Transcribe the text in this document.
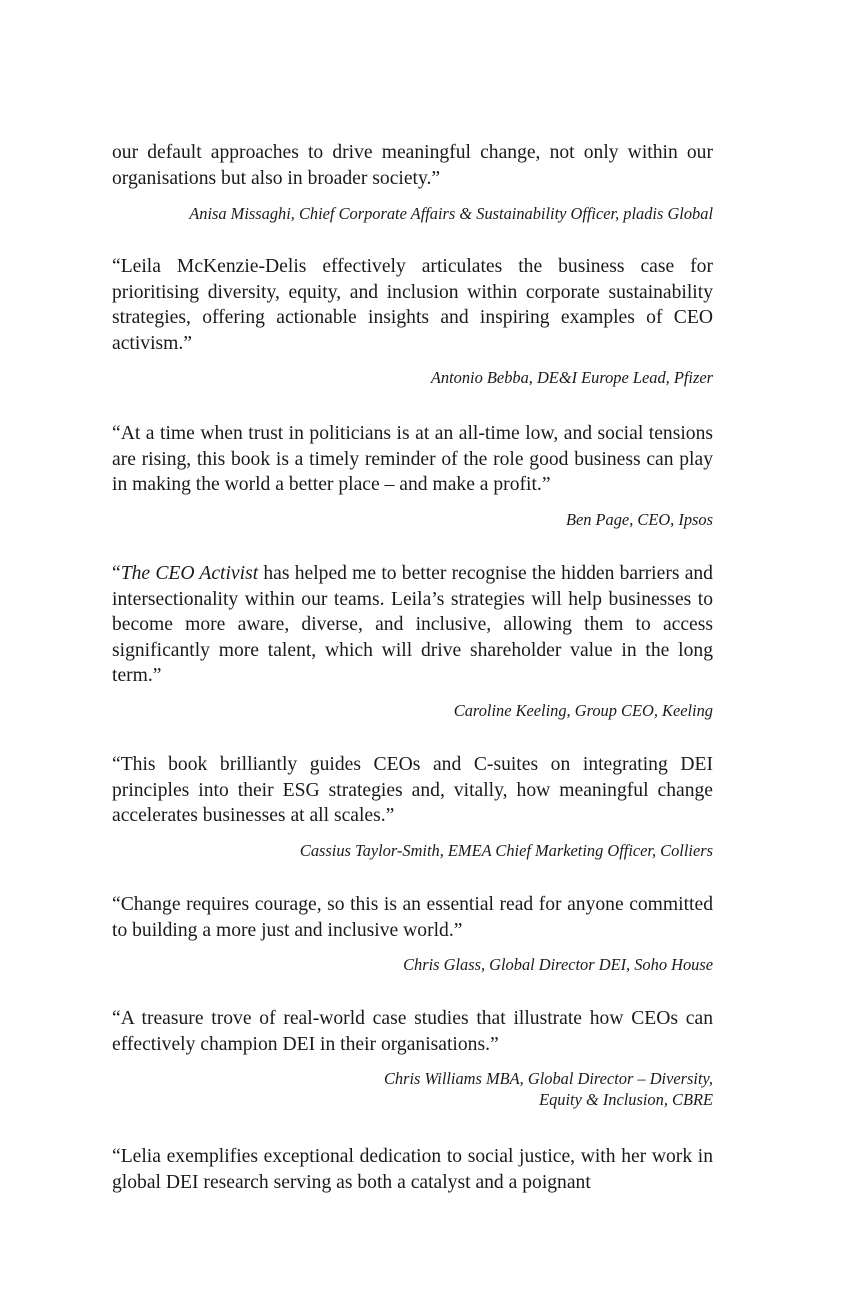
our default approaches to drive meaningful change, not only within our organisations but also in broader society.”

Anisa Missaghi, Chief Corporate Affairs & Sustainability Officer, pladis Global

“Leila McKenzie-Delis effectively articulates the business case for prioritising diversity, equity, and inclusion within corporate sustainability strategies, offering actionable insights and inspiring examples of CEO activism.”

Antonio Bebba, DE&I Europe Lead, Pfizer

“At a time when trust in politicians is at an all-time low, and social tensions are rising, this book is a timely reminder of the role good business can play in making the world a better place – and make a profit.”

Ben Page, CEO, Ipsos

“The CEO Activist has helped me to better recognise the hidden barriers and intersectionality within our teams. Leila’s strategies will help businesses to become more aware, diverse, and inclusive, allowing them to access significantly more talent, which will drive shareholder value in the long term.”

Caroline Keeling, Group CEO, Keeling

“This book brilliantly guides CEOs and C-suites on integrating DEI principles into their ESG strategies and, vitally, how meaningful change accelerates businesses at all scales.”

Cassius Taylor-Smith, EMEA Chief Marketing Officer, Colliers

“Change requires courage, so this is an essential read for anyone committed to building a more just and inclusive world.”

Chris Glass, Global Director DEI, Soho House

“A treasure trove of real-world case studies that illustrate how CEOs can effectively champion DEI in their organisations.”

Chris Williams MBA, Global Director – Diversity,
Equity & Inclusion, CBRE

“Lelia exemplifies exceptional dedication to social justice, with her work in global DEI research serving as both a catalyst and a poignant
